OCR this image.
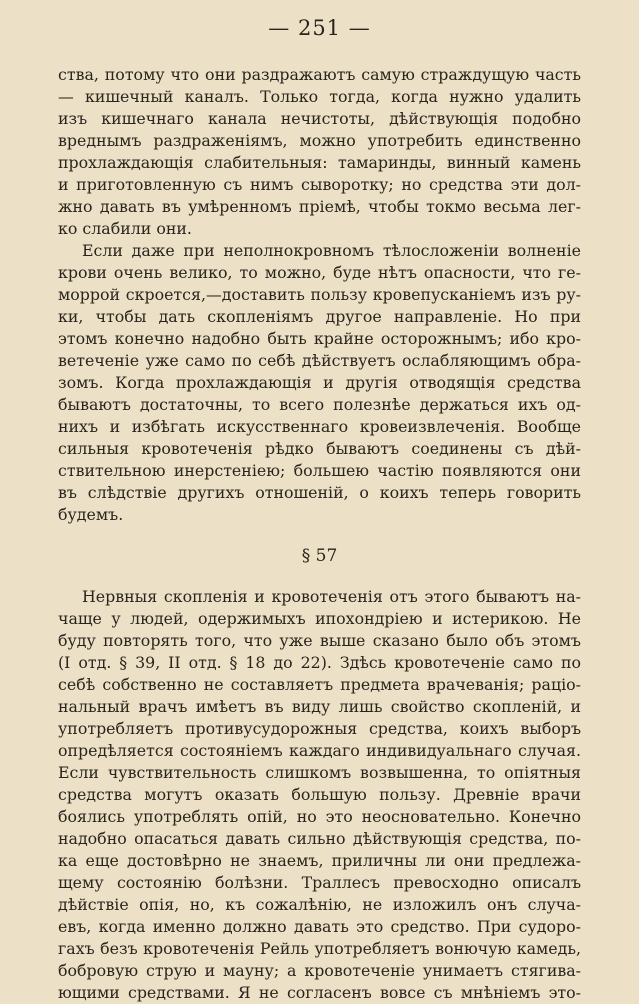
— 251 —
ства, потому что они раздражаютъ самую страждущую часть
— кишечный каналъ. Только тогда, когда нужно удалить
изъ кишечнаго канала нечистоты, дѣйствующія подобно
вреднымъ раздраженіямъ, можно употребить единственно
прохлаждающія слабительныя: тамаринды, винный камень
и приготовленную съ нимъ сыворотку; но средства эти дол-
жно давать въ умѣренномъ пріемѣ, чтобы токмо весьма лег-
ко слабили они.
Если даже при неполнокровномъ тѣлосложеніи волненіе
крови очень велико, то можно, буде нѣтъ опасности, что ге-
моррой скроется,—доставить пользу кровепусканіемъ изъ ру-
ки, чтобы дать скопленіямъ другое направленіе. Но при
этомъ конечно надобно быть крайне осторожнымъ; ибо кро-
ветеченіе уже само по себѣ дѣйствуетъ ослабляющимъ обра-
зомъ. Когда прохлаждающія и другія отводящія средства
бываютъ достаточны, то всего полезнѣе держаться ихъ од-
нихъ и избѣгать искусственнаго кровеизвлеченія. Вообще
сильныя кровотеченія рѣдко бываютъ соединены съ дѣй-
ствительною инерстеніею; большею частію появляются они
въ слѣдствіе другихъ отношеній, о коихъ теперь говорить
будемъ.
§ 57
Нервныя скопленія и кровотеченія отъ этого бываютъ на-
чаще у людей, одержимыхъ ипохондріею и истерикою. Не
буду повторять того, что уже выше сказано было объ этомъ
(I отд. § 39, II отд. § 18 до 22). Здѣсь кровотеченіе само по
себѣ собственно не составляетъ предмета врачеванія; раціо-
нальный врачъ имѣетъ въ виду лишь свойство скопленій, и
употребляетъ противусудорожныя средства, коихъ выборъ
опредѣляется состояніемъ каждаго индивидуальнаго случая.
Если чувствительность слишкомъ возвышенна, то опіятныя
средства могутъ оказать большую пользу. Древніе врачи
боялись употреблять опій, но это неосновательно. Конечно
надобно опасаться давать сильно дѣйствующія средства, по-
ка еще достовѣрно не знаемъ, приличны ли они предлежа-
щему состоянію болѣзни. Траллесъ превосходно описалъ
дѣйствіе опія, но, къ сожалѣнію, не изложилъ онъ случа-
евъ, когда именно должно давать это средство. При судоро-
гахъ безъ кровотеченія Рейль употребляетъ вонючую камедь,
бобровую струю и мауну; а кровотеченіе унимаетъ стягива-
ющими средствами. Я не согласенъ вовсе съ мнѣніемъ это-
